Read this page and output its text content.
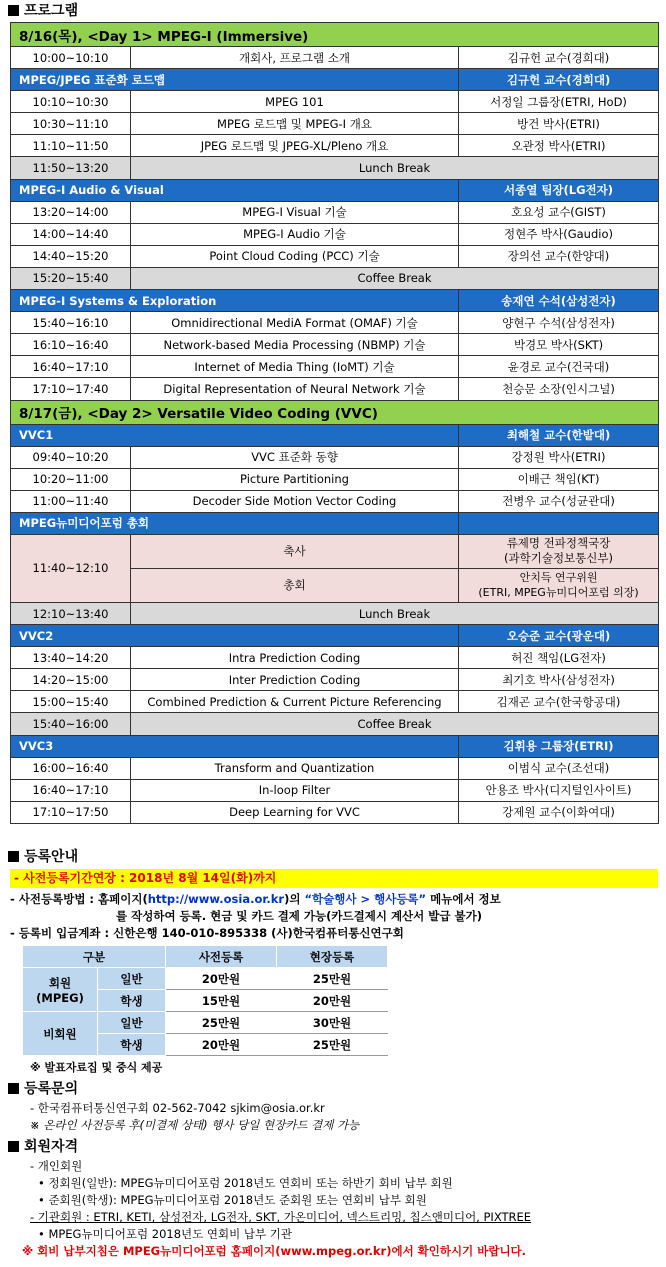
프로그램
8/16(목), <Day 1> MPEG-I (Immersive)		
10:00~10:10	개회사, 프로그램 소개	김규헌 교수(경희대)
MPEG/JPEG 표준화 로드맵		김규헌 교수(경희대)
10:10~10:30	MPEG 101	서정일 그룹장(ETRI, HoD)
10:30~11:10	MPEG 로드맵 및 MPEG-I 개요	방건 박사(ETRI)
11:10~11:50	JPEG 로드맵 및 JPEG-XL/Pleno 개요	오관정 박사(ETRI)
11:50~13:20	Lunch Break	
MPEG-I Audio & Visual		서종열 팀장(LG전자)
13:20~14:00	MPEG-I Visual 기술	호요성 교수(GIST)
14:00~14:40	MPEG-I Audio 기술	정현주 박사(Gaudio)
14:40~15:20	Point Cloud Coding (PCC) 기술	장의선 교수(한양대)
15:20~15:40	Coffee Break	
MPEG-I Systems & Exploration		송재연 수석(삼성전자)
15:40~16:10	Omnidirectional MediA Format (OMAF) 기술	양현구 수석(삼성전자)
16:10~16:40	Network-based Media Processing (NBMP) 기술	박경모 박사(SKT)
16:40~17:10	Internet of Media Thing (IoMT) 기술	윤경로 교수(건국대)
17:10~17:40	Digital Representation of Neural Network 기술	천승문 소장(인시그널)
8/17(금), <Day 2> Versatile Video Coding (VVC)		
VVC1		최해철 교수(한밭대)
09:40~10:20	VVC 표준화 동향	강정원 박사(ETRI)
10:20~11:00	Picture Partitioning	이배근 책임(KT)
11:00~11:40	Decoder Side Motion Vector Coding	전병우 교수(성균관대)
MPEG뉴미디어포럼 총회		
11:40~12:10	축사	류제명 전파정책국장
(과학기술정보통신부)
	총회	안치득 연구위원
(ETRI, MPEG뉴미디어포럼 의장)
12:10~13:40	Lunch Break	
VVC2		오승준 교수(광운대)
13:40~14:20	Intra Prediction Coding	허진 책임(LG전자)
14:20~15:00	Inter Prediction Coding	최기호 박사(삼성전자)
15:00~15:40	Combined Prediction & Current Picture Referencing	김재곤 교수(한국항공대)
15:40~16:00	Coffee Break	
VVC3		김휘용 그룹장(ETRI)
16:00~16:40	Transform and Quantization	이범식 교수(조선대)
16:40~17:10	In-loop Filter	안용조 박사(디지털인사이트)
17:10~17:50	Deep Learning for VVC	강제원 교수(이화여대)
등록안내
- 사전등록기간연장 : 2018년 8월 14일(화)까지
- 사전등록방법 : 홈페이지(http://www.osia.or.kr)의 “학술행사 > 행사등록” 메뉴에서 정보
를 작성하여 등록. 현금 및 카드 결제 가능(카드결제시 계산서 발급 불가)
- 등록비 입금계좌 : 신한은행 140-010-895338 (사)한국컴퓨터통신연구회
구분		사전등록	현장등록
회원
(MPEG)	일반	20만원	25만원
	학생	15만원	20만원
비회원	일반	25만원	30만원
	학생	20만원	25만원
※ 발표자료집 및 중식 제공
등록문의
- 한국컴퓨터통신연구회 02-562-7042 sjkim@osia.or.kr
※ 온라인 사전등록 후(미결제 상태) 행사 당일 현장카드 결제 가능
회원자격
- 개인회원
• 정회원(일반): MPEG뉴미디어포럼 2018년도 연회비 또는 하반기 회비 납부 회원
• 준회원(학생): MPEG뉴미디어포럼 2018년도 준회원 또는 연회비 납부 회원
- 기관회원 : ETRI, KETI, 삼성전자, LG전자, SKT, 가온미디어, 넥스트리밍, 칩스앤미디어, PIXTREE
• MPEG뉴미디어포럼 2018년도 연회비 납부 기관
※ 회비 납부지침은 MPEG뉴미디어포럼 홈페이지(www.mpeg.or.kr)에서 확인하시기 바랍니다.
